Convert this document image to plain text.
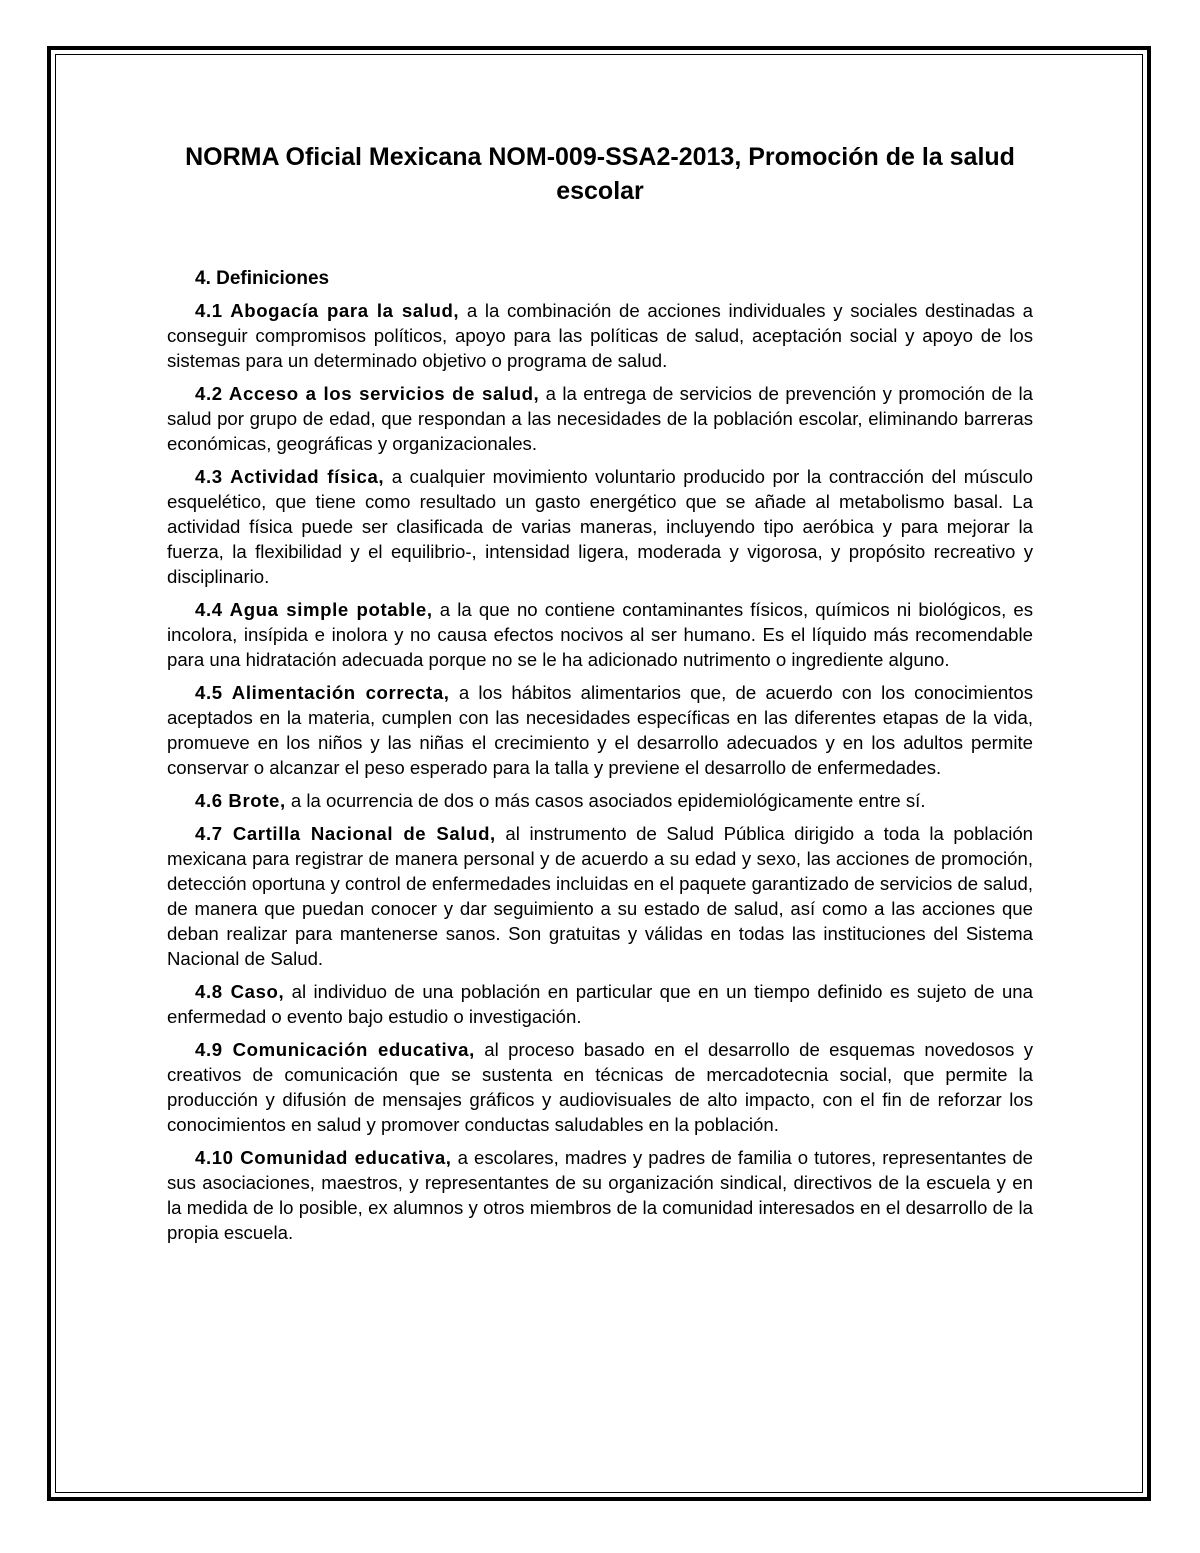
NORMA Oficial Mexicana NOM-009-SSA2-2013, Promoción de la salud escolar
4. Definiciones

4.1 Abogacía para la salud, a la combinación de acciones individuales y sociales destinadas a conseguir compromisos políticos, apoyo para las políticas de salud, aceptación social y apoyo de los sistemas para un determinado objetivo o programa de salud.

4.2 Acceso a los servicios de salud, a la entrega de servicios de prevención y promoción de la salud por grupo de edad, que respondan a las necesidades de la población escolar, eliminando barreras económicas, geográficas y organizacionales.

4.3 Actividad física, a cualquier movimiento voluntario producido por la contracción del músculo esquelético, que tiene como resultado un gasto energético que se añade al metabolismo basal. La actividad física puede ser clasificada de varias maneras, incluyendo tipo aeróbica y para mejorar la fuerza, la flexibilidad y el equilibrio-, intensidad ligera, moderada y vigorosa, y propósito recreativo y disciplinario.

4.4 Agua simple potable, a la que no contiene contaminantes físicos, químicos ni biológicos, es incolora, insípida e inolora y no causa efectos nocivos al ser humano. Es el líquido más recomendable para una hidratación adecuada porque no se le ha adicionado nutrimento o ingrediente alguno.

4.5 Alimentación correcta, a los hábitos alimentarios que, de acuerdo con los conocimientos aceptados en la materia, cumplen con las necesidades específicas en las diferentes etapas de la vida, promueve en los niños y las niñas el crecimiento y el desarrollo adecuados y en los adultos permite conservar o alcanzar el peso esperado para la talla y previene el desarrollo de enfermedades.

4.6 Brote, a la ocurrencia de dos o más casos asociados epidemiológicamente entre sí.

4.7 Cartilla Nacional de Salud, al instrumento de Salud Pública dirigido a toda la población mexicana para registrar de manera personal y de acuerdo a su edad y sexo, las acciones de promoción, detección oportuna y control de enfermedades incluidas en el paquete garantizado de servicios de salud, de manera que puedan conocer y dar seguimiento a su estado de salud, así como a las acciones que deban realizar para mantenerse sanos. Son gratuitas y válidas en todas las instituciones del Sistema Nacional de Salud.

4.8 Caso, al individuo de una población en particular que en un tiempo definido es sujeto de una enfermedad o evento bajo estudio o investigación.

4.9 Comunicación educativa, al proceso basado en el desarrollo de esquemas novedosos y creativos de comunicación que se sustenta en técnicas de mercadotecnia social, que permite la producción y difusión de mensajes gráficos y audiovisuales de alto impacto, con el fin de reforzar los conocimientos en salud y promover conductas saludables en la población.

4.10 Comunidad educativa, a escolares, madres y padres de familia o tutores, representantes de sus asociaciones, maestros, y representantes de su organización sindical, directivos de la escuela y en la medida de lo posible, ex alumnos y otros miembros de la comunidad interesados en el desarrollo de la propia escuela.
